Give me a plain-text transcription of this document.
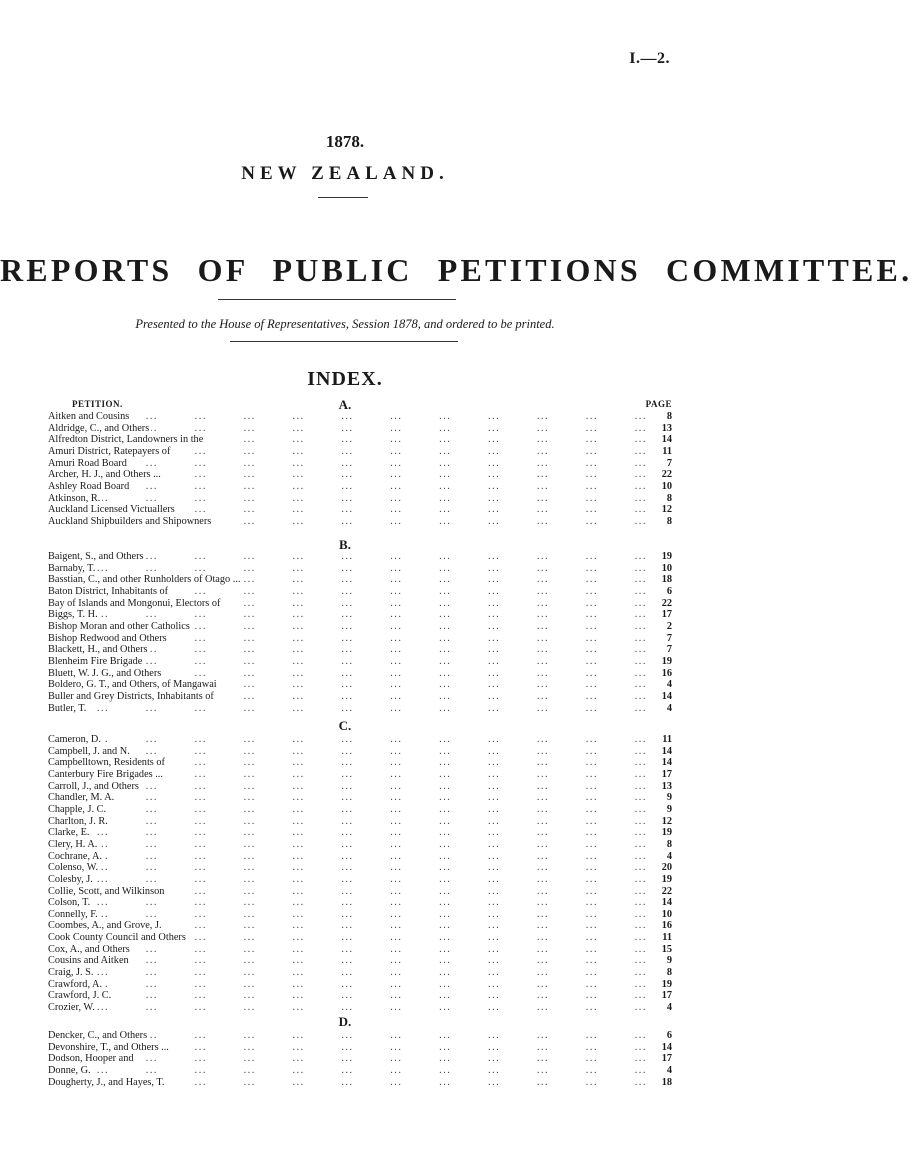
I.—2.
1878.
NEW ZEALAND.
REPORTS OF PUBLIC PETITIONS COMMITTEE.
Presented to the House of Representatives, Session 1878, and ordered to be printed.
INDEX.
PETITION.	PAGE
A.
...
Aitken and Cousins	8
...
Aldridge, C., and Others	13
...
Alfredton District, Landowners in the	14
...
Amuri District, Ratepayers of	11
...
Amuri Road Board	7
...
Archer, H. J., and Others ...	22
...
Ashley Road Board	10
...
Atkinson, R.	8
...
Auckland Licensed Victuallers	12
...
Auckland Shipbuilders and Shipowners	8
B.
...
Baigent, S., and Others	19
...
Barnaby, T.	10
...
Basstian, C., and other Runholders of Otago ...	18
...
Baton District, Inhabitants of	6
...
Bay of Islands and Mongonui, Electors of	22
...
Biggs, T. H.	17
...
Bishop Moran and other Catholics	2
...
Bishop Redwood and Others	7
...
Blackett, H., and Others	7
...
Blenheim Fire Brigade	19
...
Bluett, W. J. G., and Others	16
...
Boldero, G. T., and Others, of Mangawai	4
...
Buller and Grey Districts, Inhabitants of	14
...
Butler, T.	4
C.
...
Cameron, D.	11
...
Campbell, J. and N.	14
...
Campbelltown, Residents of	14
...
Canterbury Fire Brigades ...	17
...
Carroll, J., and Others	13
...
Chandler, M. A.	9
...
Chapple, J. C.	9
...
Charlton, J. R.	12
...
Clarke, E.	19
...
Clery, H. A.	8
...
Cochrane, A.	4
...
Colenso, W.	20
...
Colesby, J.	19
...
Collie, Scott, and Wilkinson	22
...
Colson, T.	14
...
Connelly, F.	10
...
Coombes, A., and Grove, J.	16
...
Cook County Council and Others	11
...
Cox, A., and Others	15
...
Cousins and Aitken	9
...
Craig, J. S.	8
...
Crawford, A.	19
...
Crawford, J. C.	17
...
Crozier, W.	4
D.
...
Dencker, C., and Others	6
...
Devonshire, T., and Others ...	14
...
Dodson, Hooper and	17
...
Donne, G.	4
...
Dougherty, J., and Hayes, T.	18
